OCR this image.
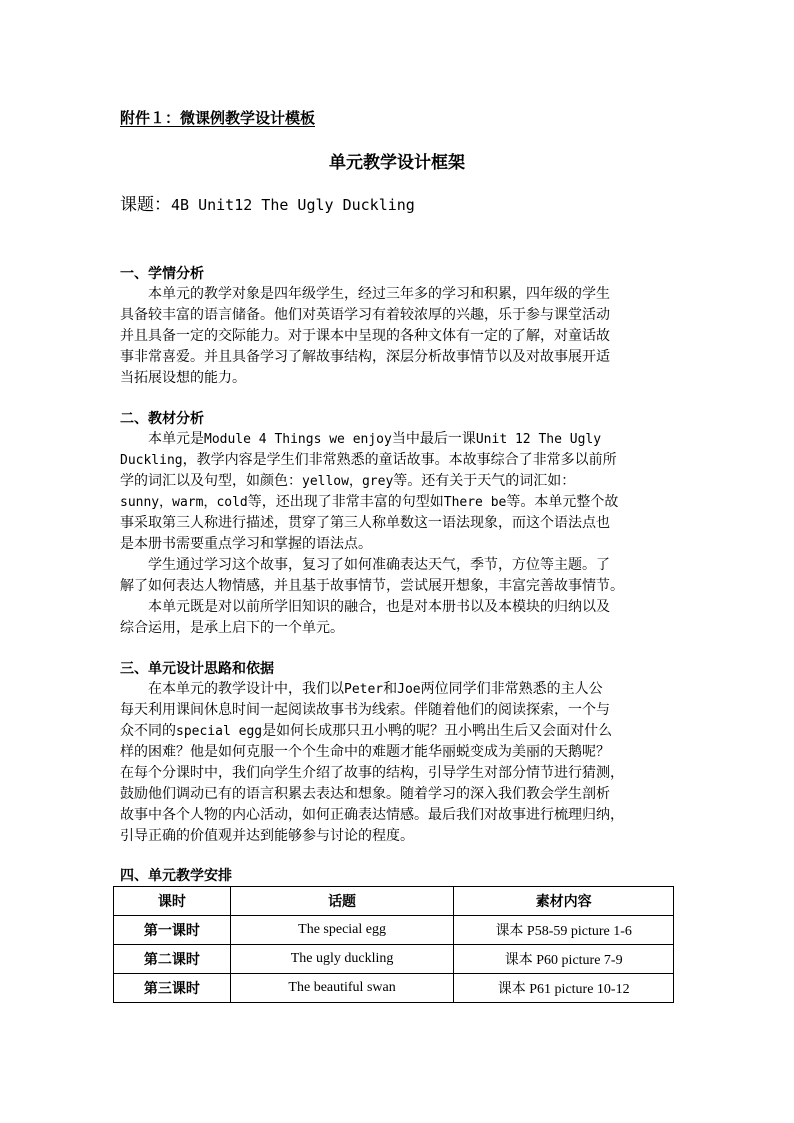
附件１：微课例教学设计模板
单元教学设计框架
课题：4B Unit12 The Ugly Duckling
一、学情分析
本单元的教学对象是四年级学生，经过三年多的学习和积累，四年级的学生
具备较丰富的语言储备。他们对英语学习有着较浓厚的兴趣，乐于参与课堂活动
并且具备一定的交际能力。对于课本中呈现的各种文体有一定的了解，对童话故
事非常喜爱。并且具备学习了解故事结构，深层分析故事情节以及对故事展开适
当拓展设想的能力。
二、教材分析
本单元是Module 4 Things we enjoy当中最后一课Unit 12 The Ugly
Duckling，教学内容是学生们非常熟悉的童话故事。本故事综合了非常多以前所
学的词汇以及句型，如颜色：yellow，grey等。还有关于天气的词汇如：
sunny，warm，cold等，还出现了非常丰富的句型如There be等。本单元整个故
事采取第三人称进行描述，贯穿了第三人称单数这一语法现象，而这个语法点也
是本册书需要重点学习和掌握的语法点。
学生通过学习这个故事，复习了如何准确表达天气，季节，方位等主题。了
解了如何表达人物情感，并且基于故事情节，尝试展开想象，丰富完善故事情节。
本单元既是对以前所学旧知识的融合，也是对本册书以及本模块的归纳以及
综合运用，是承上启下的一个单元。
三、单元设计思路和依据
在本单元的教学设计中，我们以Peter和Joe两位同学们非常熟悉的主人公
每天利用课间休息时间一起阅读故事书为线索。伴随着他们的阅读探索，一个与
众不同的special egg是如何长成那只丑小鸭的呢？丑小鸭出生后又会面对什么
样的困难？他是如何克服一个个生命中的难题才能华丽蜕变成为美丽的天鹅呢？
在每个分课时中，我们向学生介绍了故事的结构，引导学生对部分情节进行猜测，
鼓励他们调动已有的语言积累去表达和想象。随着学习的深入我们教会学生剖析
故事中各个人物的内心活动，如何正确表达情感。最后我们对故事进行梳理归纳，
引导正确的价值观并达到能够参与讨论的程度。
四、单元教学安排
课时	话题	素材内容
第一课时	The special egg	课本 P58-59 picture 1-6
第二课时	The ugly duckling	课本 P60 picture 7-9
第三课时	The beautiful swan	课本 P61 picture 10-12
